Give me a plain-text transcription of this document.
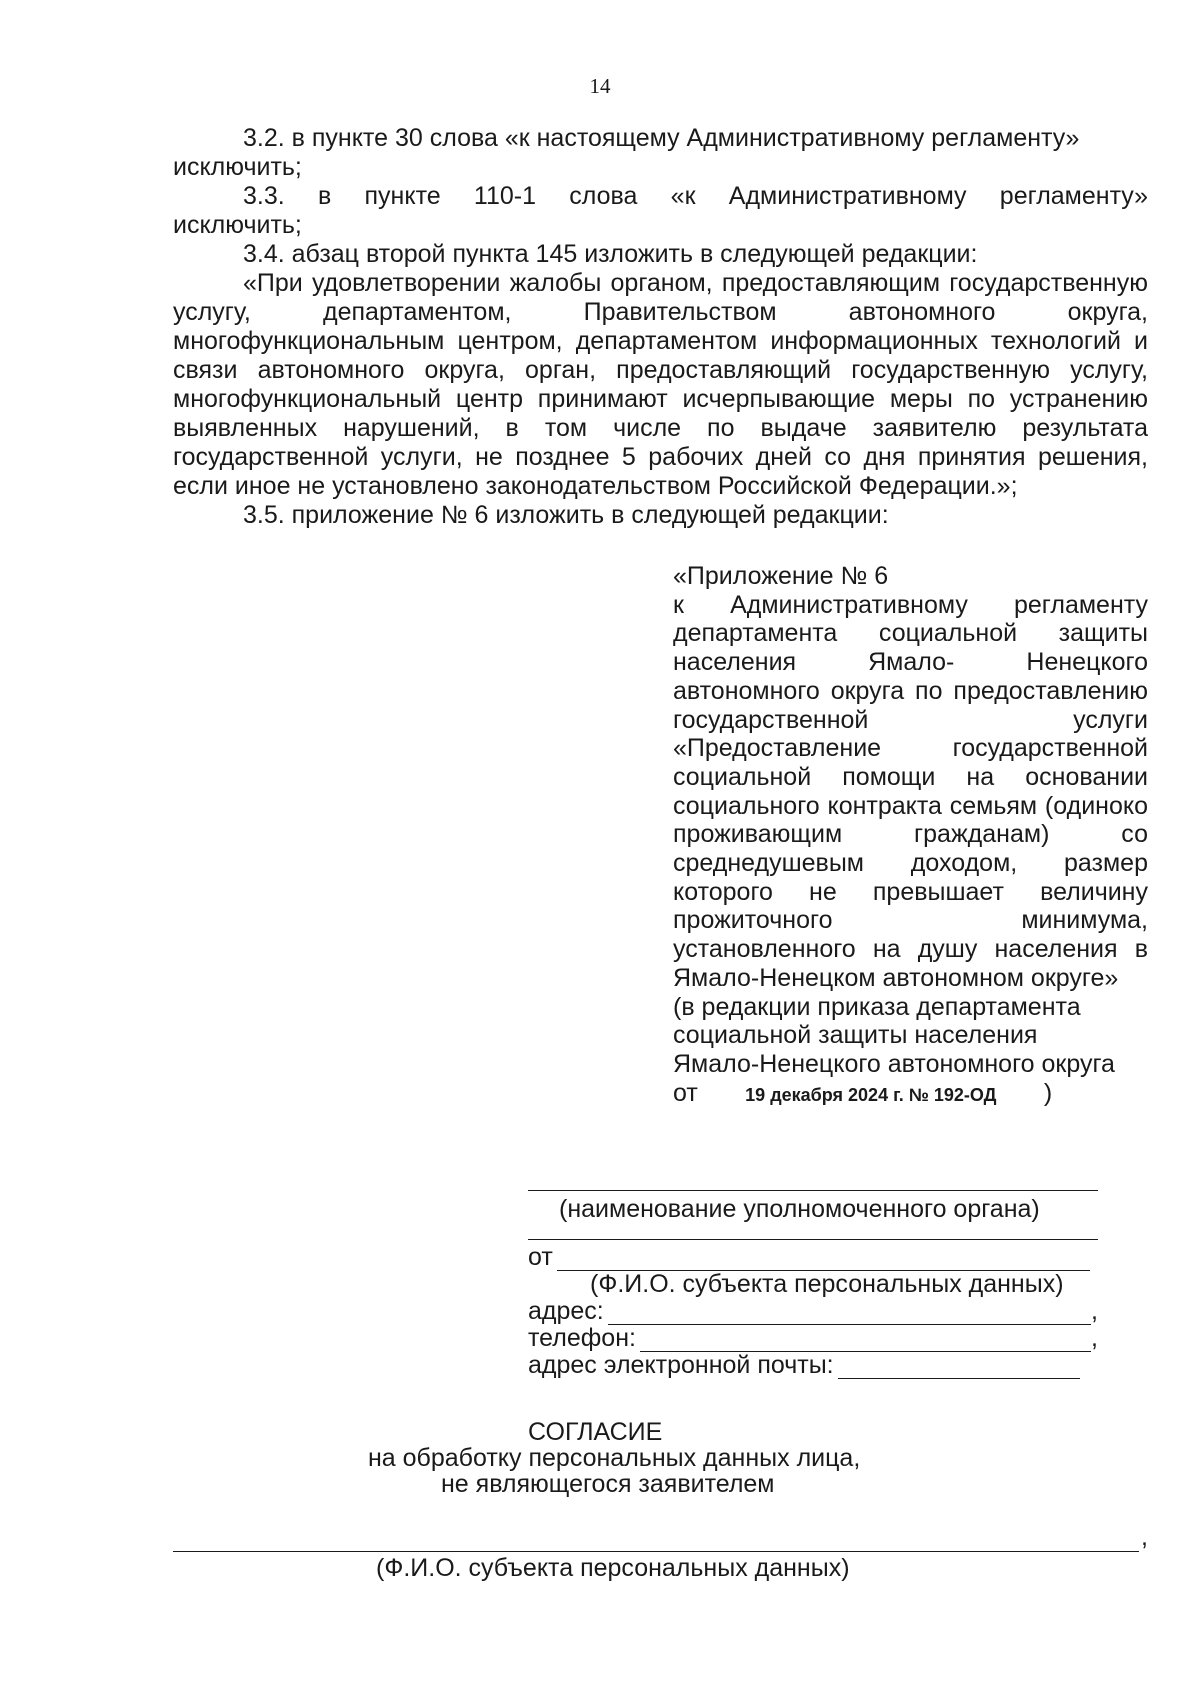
14

3.2. в пункте 30 слова «к настоящему Административному регламенту»

исключить;

3.3. в пункте 110-1 слова «к Административному регламенту»

исключить;

3.4. абзац второй пункта 145 изложить в следующей редакции:

«При удовлетворении жалобы органом, предоставляющим государственную услугу, департаментом, Правительством автономного округа, многофункциональным центром, департаментом информационных технологий и связи автономного округа, орган, предоставляющий государственную услугу, многофункциональный центр принимают исчерпывающие меры по устранению выявленных нарушений, в том числе по выдаче заявителю результата государственной услуги, не позднее 5 рабочих дней со дня принятия решения, если иное не установлено законодательством Российской Федерации.»;

3.5. приложение № 6 изложить в следующей редакции:

«Приложение № 6
к Административному регламенту департамента социальной защиты населения Ямало- Ненецкого автономного округа по предоставлению государственной услуги «Предоставление государственной социальной помощи на основании социального контракта семьям (одиноко проживающим гражданам) со среднедушевым доходом, размер которого не превышает величину прожиточного минимума, установленного на душу населения в Ямало-Ненецком автономном округе»
(в редакции приказа департамента
социальной защиты населения
Ямало-Ненецкого автономного округа
от	19 декабря 2024 г. № 192-ОД )
(наименование уполномоченного органа)
от
(Ф.И.О. субъекта персональных данных)
адрес:	,
телефон:	,
адрес электронной почты:
СОГЛАСИЕ
на обработку персональных данных лица,
не являющегося заявителем
,
(Ф.И.О. субъекта персональных данных)
